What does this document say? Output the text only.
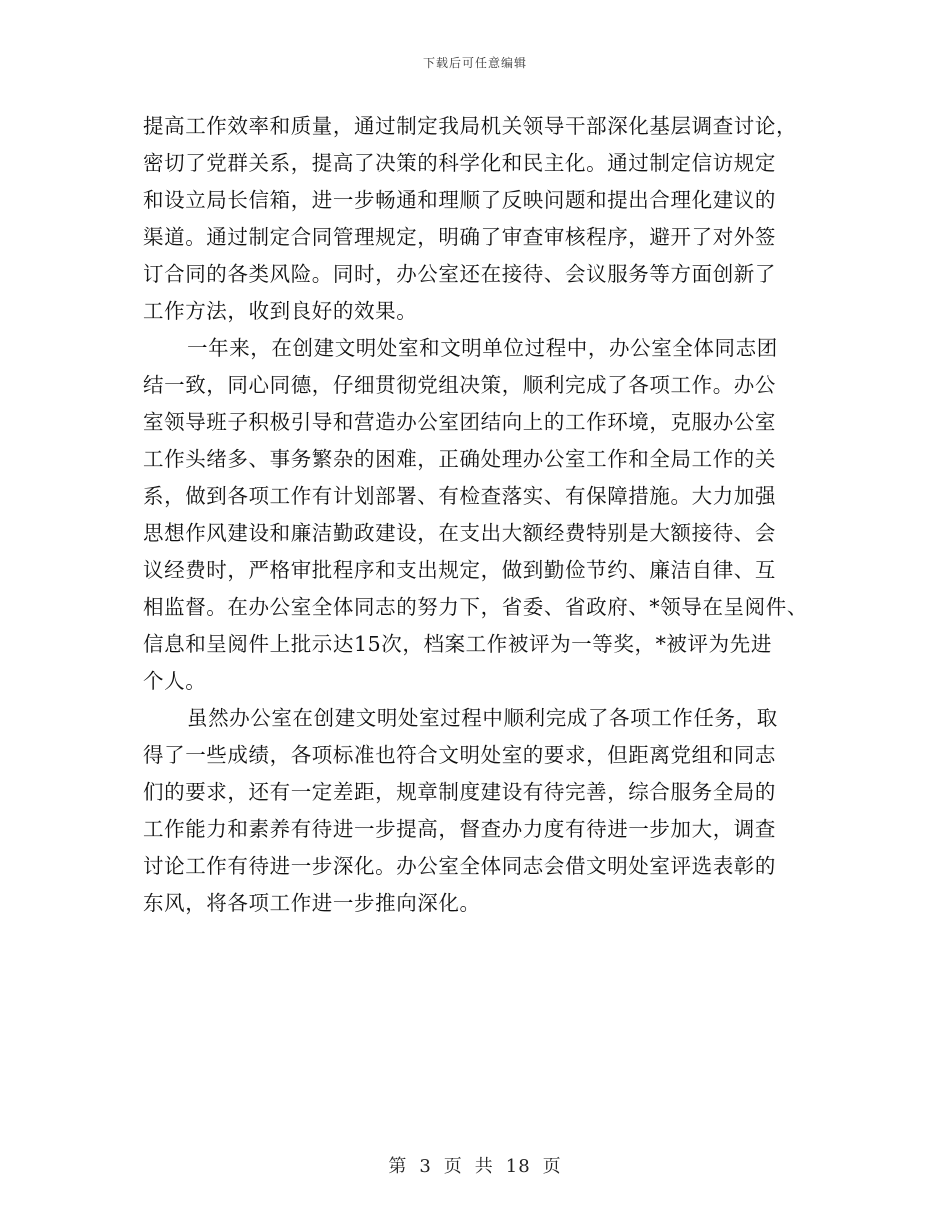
下载后可任意编辑
提高工作效率和质量，通过制定我局机关领导干部深化基层调查讨论，
密切了党群关系，提高了决策的科学化和民主化。通过制定信访规定
和设立局长信箱，进一步畅通和理顺了反映问题和提出合理化建议的
渠道。通过制定合同管理规定，明确了审查审核程序，避开了对外签
订合同的各类风险。同时，办公室还在接待、会议服务等方面创新了
工作方法，收到良好的效果。
一年来，在创建文明处室和文明单位过程中，办公室全体同志团
结一致，同心同德，仔细贯彻党组决策，顺利完成了各项工作。办公
室领导班子积极引导和营造办公室团结向上的工作环境，克服办公室
工作头绪多、事务繁杂的困难，正确处理办公室工作和全局工作的关
系，做到各项工作有计划部署、有检查落实、有保障措施。大力加强
思想作风建设和廉洁勤政建设，在支出大额经费特别是大额接待、会
议经费时，严格审批程序和支出规定，做到勤俭节约、廉洁自律、互
相监督。在办公室全体同志的努力下，省委、省政府、*领导在呈阅件、
信息和呈阅件上批示达15次，档案工作被评为一等奖，*被评为先进
个人。
虽然办公室在创建文明处室过程中顺利完成了各项工作任务，取
得了一些成绩，各项标准也符合文明处室的要求，但距离党组和同志
们的要求，还有一定差距，规章制度建设有待完善，综合服务全局的
工作能力和素养有待进一步提高，督查办力度有待进一步加大，调查
讨论工作有待进一步深化。办公室全体同志会借文明处室评选表彰的
东风，将各项工作进一步推向深化。
第 3 页 共 18 页
